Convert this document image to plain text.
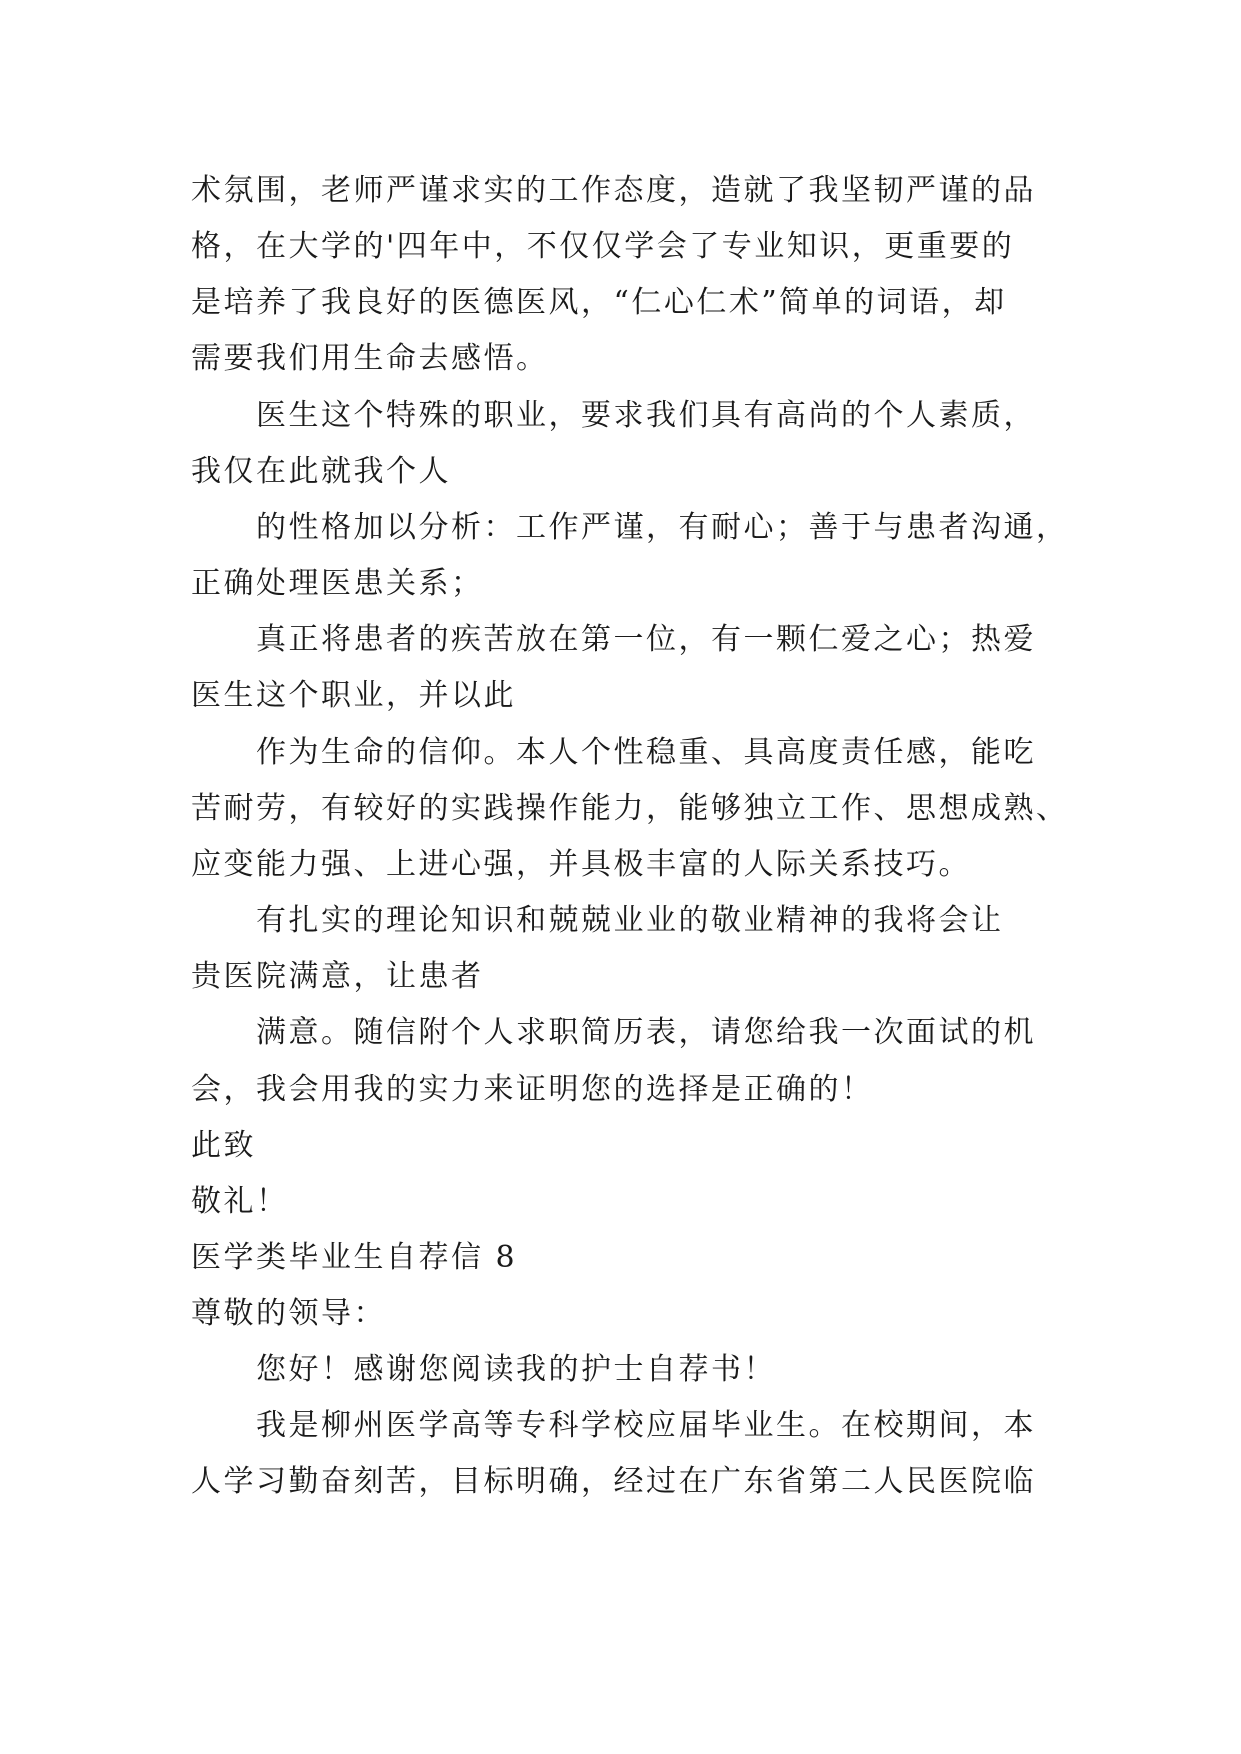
术氛围，老师严谨求实的工作态度，造就了我坚韧严谨的品
格，在大学的'四年中，不仅仅学会了专业知识，更重要的
是培养了我良好的医德医风，“仁心仁术”简单的词语，却
需要我们用生命去感悟。
医生这个特殊的职业，要求我们具有高尚的个人素质，
我仅在此就我个人
的性格加以分析：工作严谨，有耐心；善于与患者沟通，
正确处理医患关系；
真正将患者的疾苦放在第一位，有一颗仁爱之心；热爱
医生这个职业，并以此
作为生命的信仰。本人个性稳重、具高度责任感，能吃
苦耐劳，有较好的实践操作能力，能够独立工作、思想成熟、
应变能力强、上进心强，并具极丰富的人际关系技巧。
有扎实的理论知识和兢兢业业的敬业精神的我将会让
贵医院满意，让患者
满意。随信附个人求职简历表，请您给我一次面试的机
会，我会用我的实力来证明您的选择是正确的！
此致
敬礼！
医学类毕业生自荐信 8
尊敬的领导：
您好！感谢您阅读我的护士自荐书！
我是柳州医学高等专科学校应届毕业生。在校期间，本
人学习勤奋刻苦，目标明确，经过在广东省第二人民医院临
